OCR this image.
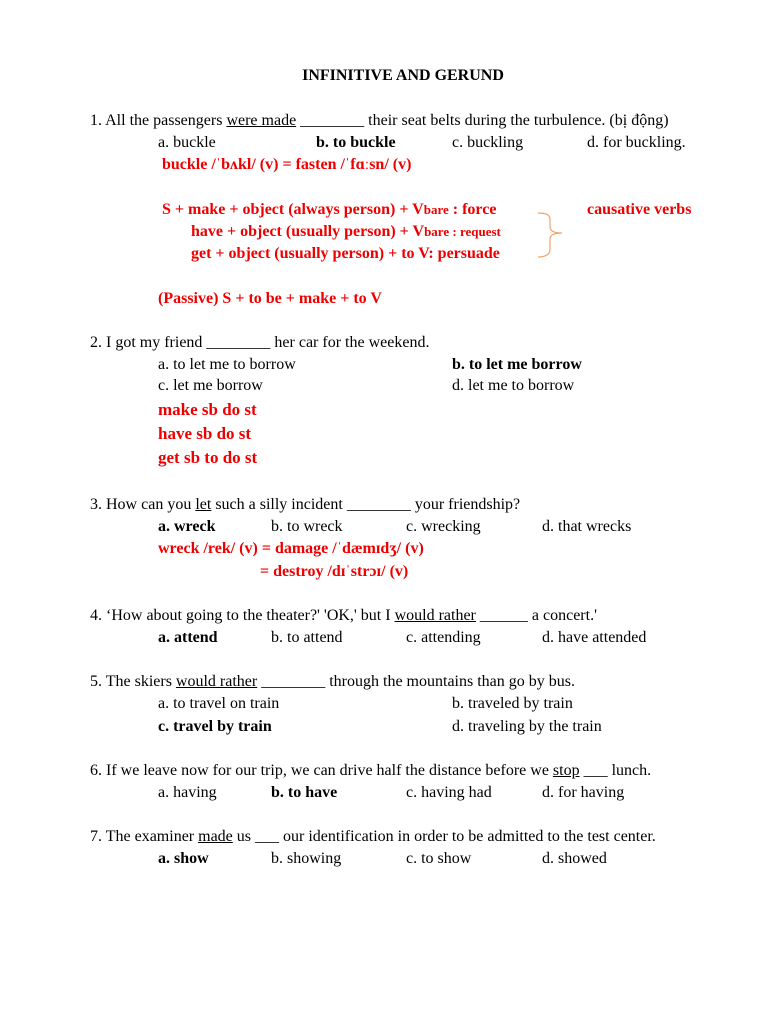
INFINITIVE AND GERUND
1. All the passengers were made ________ their seat belts during the turbulence. (bị động)
a. buckle	b. to buckle	c. buckling	d. for buckling.
buckle /ˈbʌkl/ (v) = fasten /ˈfɑːsn/ (v)
S + make + object (always person) + Vbare : force
have + object (usually person) + Vbare : request
get + object (usually person) + to V: persuade
causative verbs
(Passive) S + to be + make + to V
2. I got my friend ________ her car for the weekend.
a. to let me to borrow	b. to let me borrow
c. let me borrow	d. let me to borrow
make sb do st
have sb do st
get sb to do st
3. How can you let such a silly incident ________ your friendship?
a. wreck	b. to wreck	c. wrecking	d. that wrecks
wreck /rek/ (v) = damage /ˈdæmɪdʒ/ (v)
= destroy /dɪˈstrɔɪ/ (v)
4. ‘How about going to the theater?' 'OK,' but I would rather ______ a concert.'
a. attend	b. to attend	c. attending	d. have attended
5. The skiers would rather ________ through the mountains than go by bus.
a. to travel on train	b. traveled by train
c. travel by train	d. traveling by the train
6. If we leave now for our trip, we can drive half the distance before we stop ___ lunch.
a. having	b. to have	c. having had	d. for having
7. The examiner made us ___ our identification in order to be admitted to the test center.
a. show	b. showing	c. to show	d. showed
